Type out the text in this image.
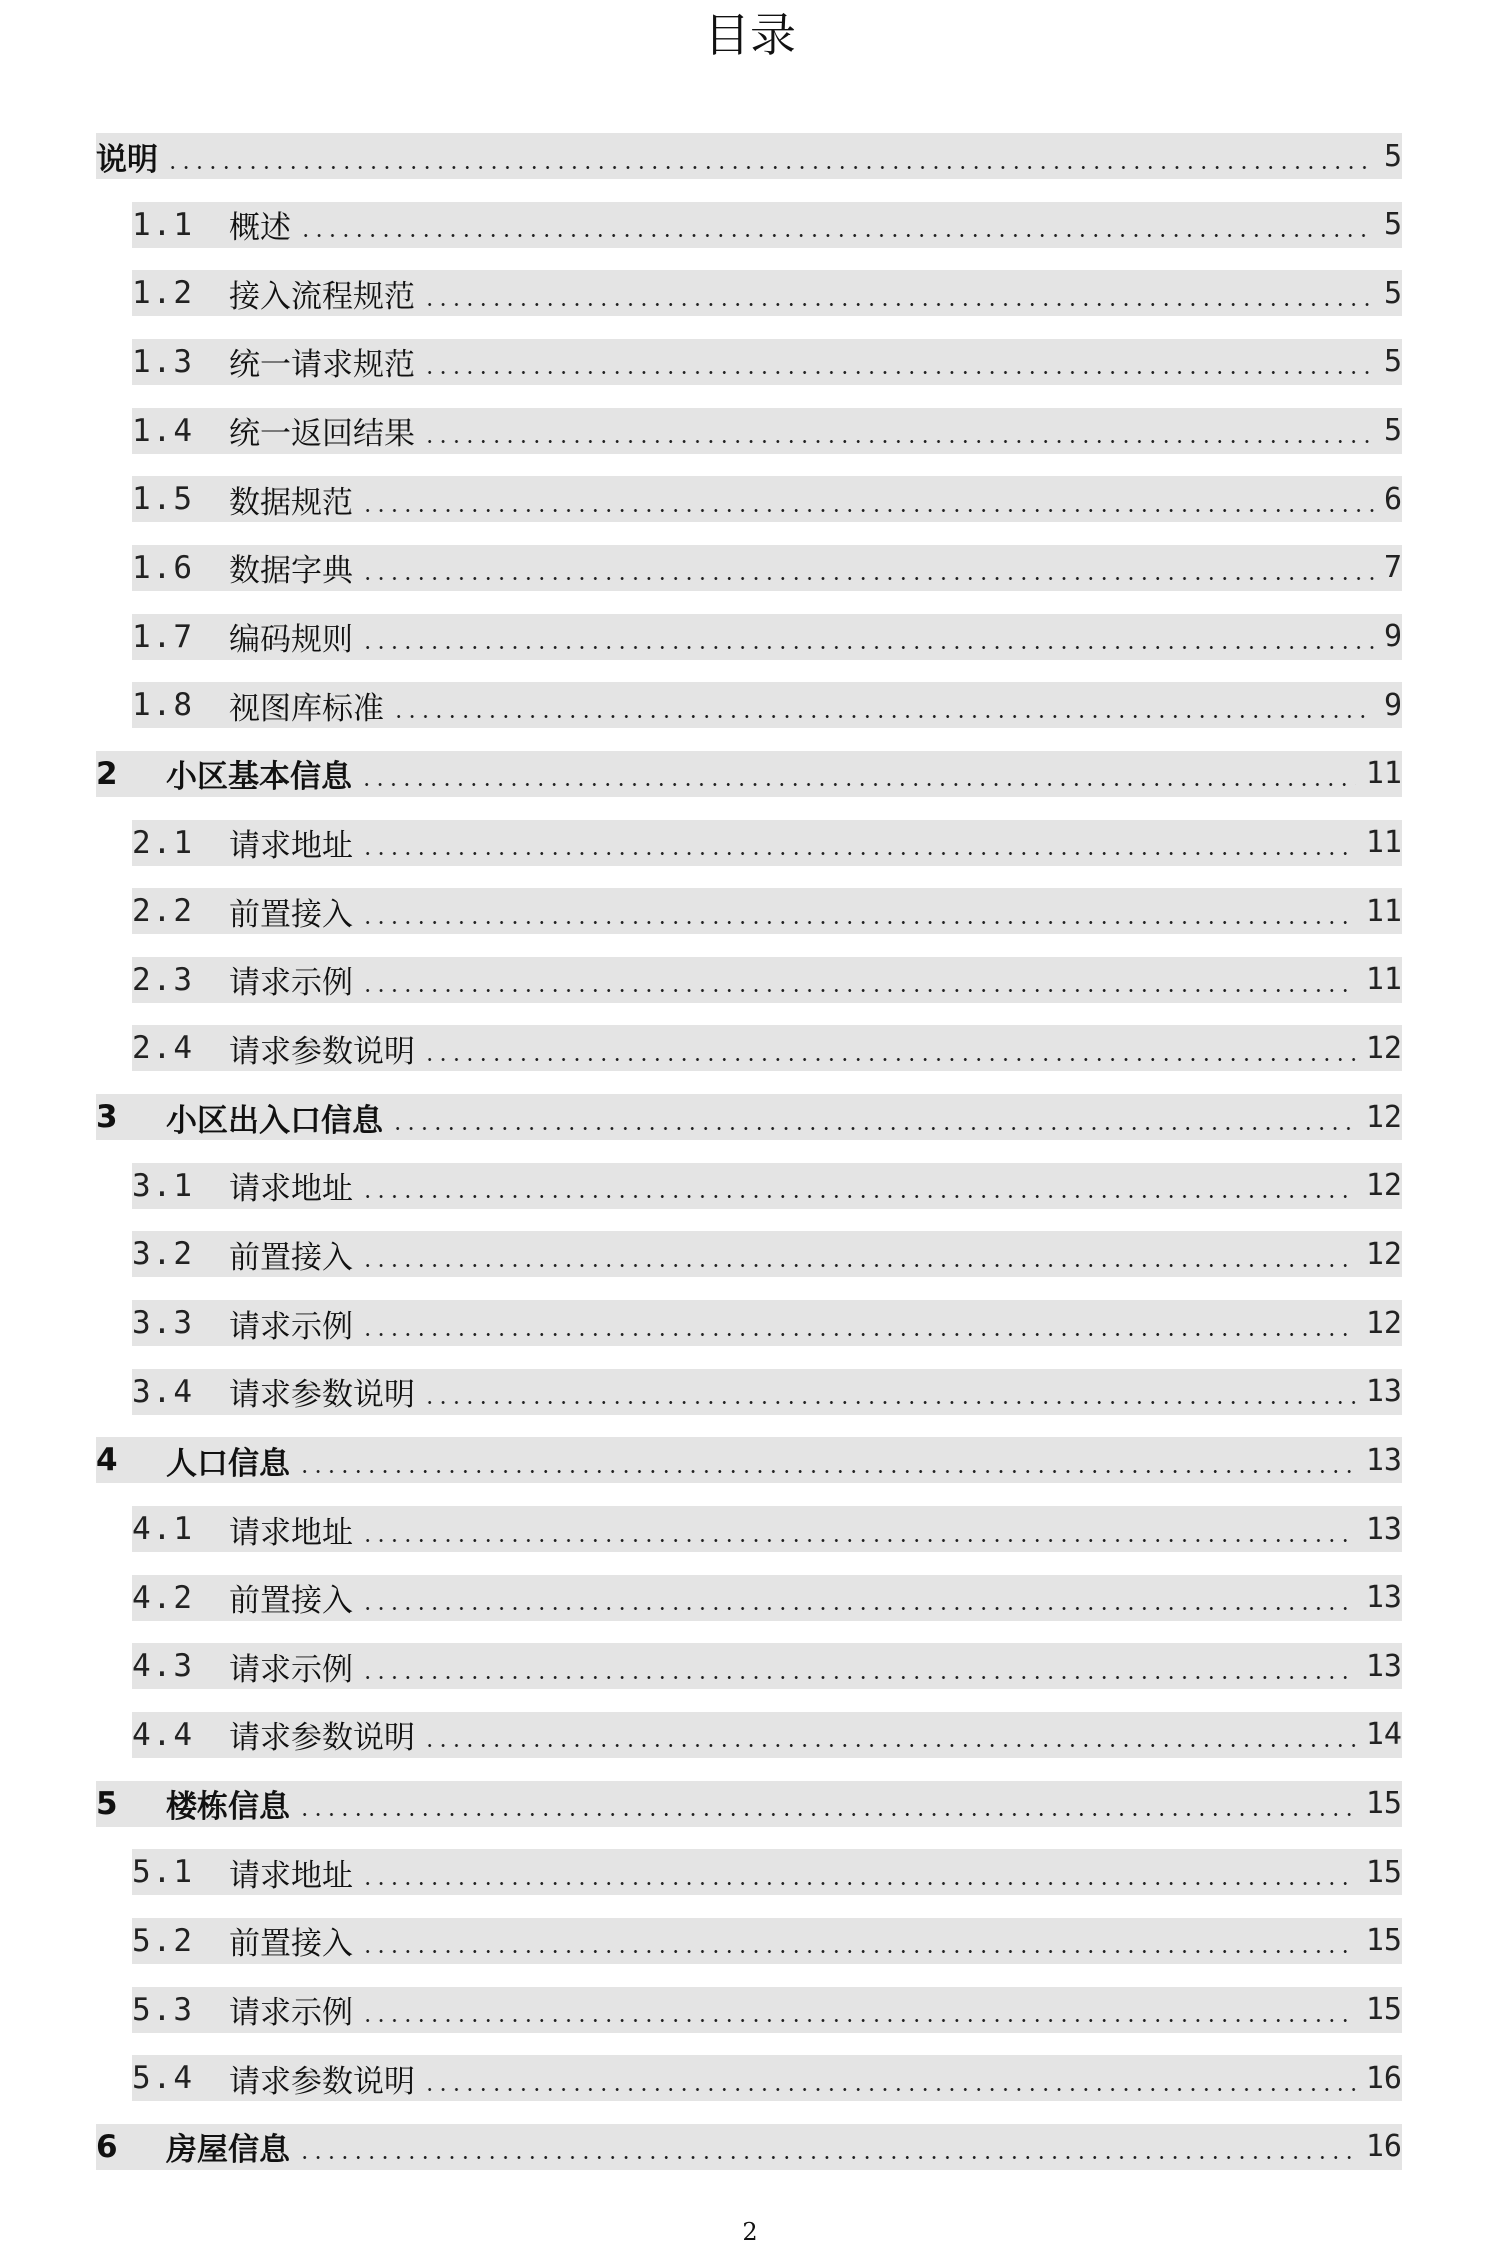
目录
说明	5
1.1	概述	5
1.2	接入流程规范	5
1.3	统一请求规范	5
1.4	统一返回结果	5
1.5	数据规范	6
1.6	数据字典	7
1.7	编码规则	9
1.8	视图库标准	9
2	小区基本信息	11
2.1	请求地址	11
2.2	前置接入	11
2.3	请求示例	11
2.4	请求参数说明	12
3	小区出入口信息	12
3.1	请求地址	12
3.2	前置接入	12
3.3	请求示例	12
3.4	请求参数说明	13
4	人口信息	13
4.1	请求地址	13
4.2	前置接入	13
4.3	请求示例	13
4.4	请求参数说明	14
5	楼栋信息	15
5.1	请求地址	15
5.2	前置接入	15
5.3	请求示例	15
5.4	请求参数说明	16
6	房屋信息	16
2
